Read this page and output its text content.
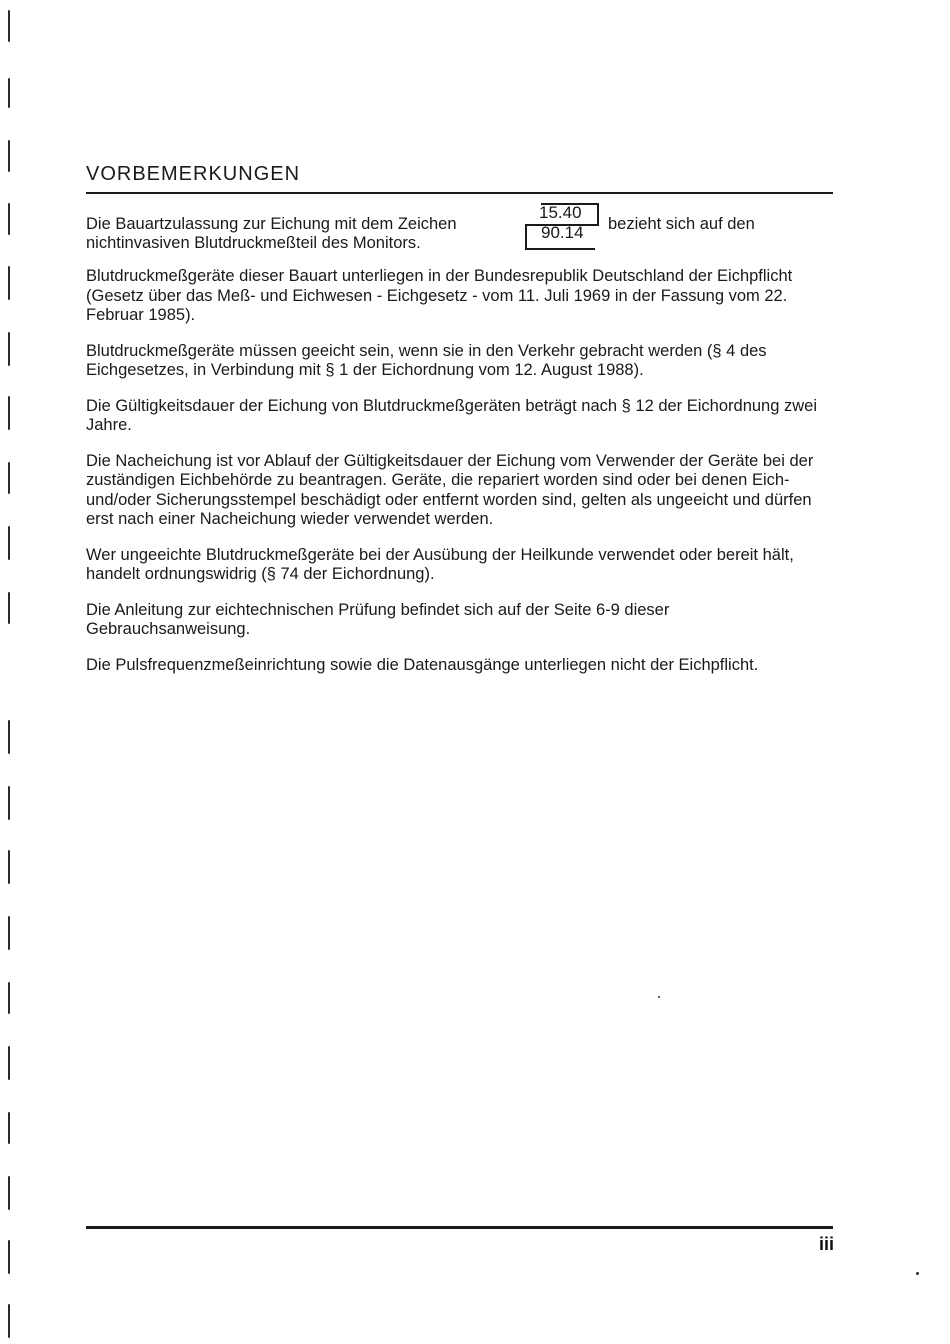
VORBEMERKUNGEN
Die Bauartzulassung zur Eichung mit dem Zeichen
15.40
90.14 bezieht sich auf den
nichtinvasiven Blutdruckmeßteil des Monitors.

Blutdruckmeßgeräte dieser Bauart unterliegen in der Bundesrepublik Deutschland der Eichpflicht (Gesetz über das Meß- und Eichwesen - Eichgesetz - vom 11. Juli 1969 in der Fassung vom 22. Februar 1985).

Blutdruckmeßgeräte müssen geeicht sein, wenn sie in den Verkehr gebracht werden (§ 4 des Eichgesetzes, in Verbindung mit § 1 der Eichordnung vom 12. August 1988).

Die Gültigkeitsdauer der Eichung von Blutdruckmeßgeräten beträgt nach § 12 der Eichordnung zwei Jahre.

Die Nacheichung ist vor Ablauf der Gültigkeitsdauer der Eichung vom Verwender der Geräte bei der zuständigen Eichbehörde zu beantragen. Geräte, die repariert worden sind oder bei denen Eich- und/oder Sicherungsstempel beschädigt oder entfernt worden sind, gelten als ungeeicht und dürfen erst nach einer Nacheichung wieder verwendet werden.

Wer ungeeichte Blutdruckmeßgeräte bei der Ausübung der Heilkunde verwendet oder bereit hält, handelt ordnungswidrig (§ 74 der Eichordnung).

Die Anleitung zur eichtechnischen Prüfung befindet sich auf der Seite 6-9 dieser Gebrauchsanweisung.

Die Pulsfrequenzmeßeinrichtung sowie die Datenausgänge unterliegen nicht der Eichpflicht.

iii
